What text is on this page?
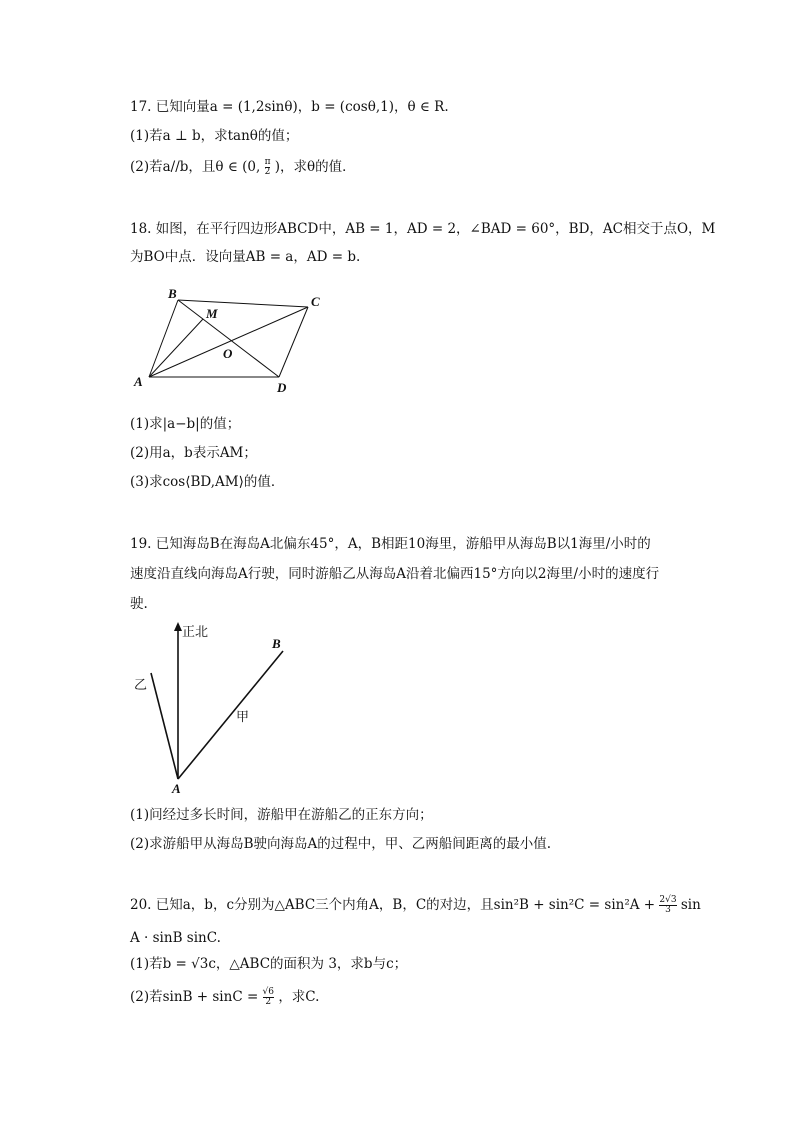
17. 已知向量a = (1,2sinθ)，b = (cosθ,1)，θ ∈ R.
(1)若a ⊥ b，求tanθ的值；
(2)若a//b，且θ ∈ (0, $\frac{\pi}{2}$ )，求θ的值．
18. 如图，在平行四边形ABCD中，AB = 1，AD = 2，∠BAD = 60°，BD，AC相交于点O，M
为BO中点．设向量AB = a，AD = b.
A
B
C
D
M
O
(1)求|a−b|的值；
(2)用a，b表示AM；
(3)求cos⟨BD,AM⟩的值．
19. 已知海岛B在海岛A北偏东45°，A，B相距10海里，游船甲从海岛B以1海里/小时的
速度沿直线向海岛A行驶，同时游船乙从海岛A沿着北偏西15°方向以2海里/小时的速度行
驶.
正北
B
A
乙
甲
(1)问经过多长时间，游船甲在游船乙的正东方向；
(2)求游船甲从海岛B驶向海岛A的过程中，甲、乙两船间距离的最小值.
20. 已知a，b，c分别为△ABC三个内角A，B，C的对边，且$\sin^2B + \sin^2C = \sin^2A + \frac{2√3}{3}$ sin
A · sinB sinC.
(1)若b = √3c，△ABC的面积为 3，求b与c；
(2)若$\sin B + \sin C = \frac{√6}{2}$ ，求C.
